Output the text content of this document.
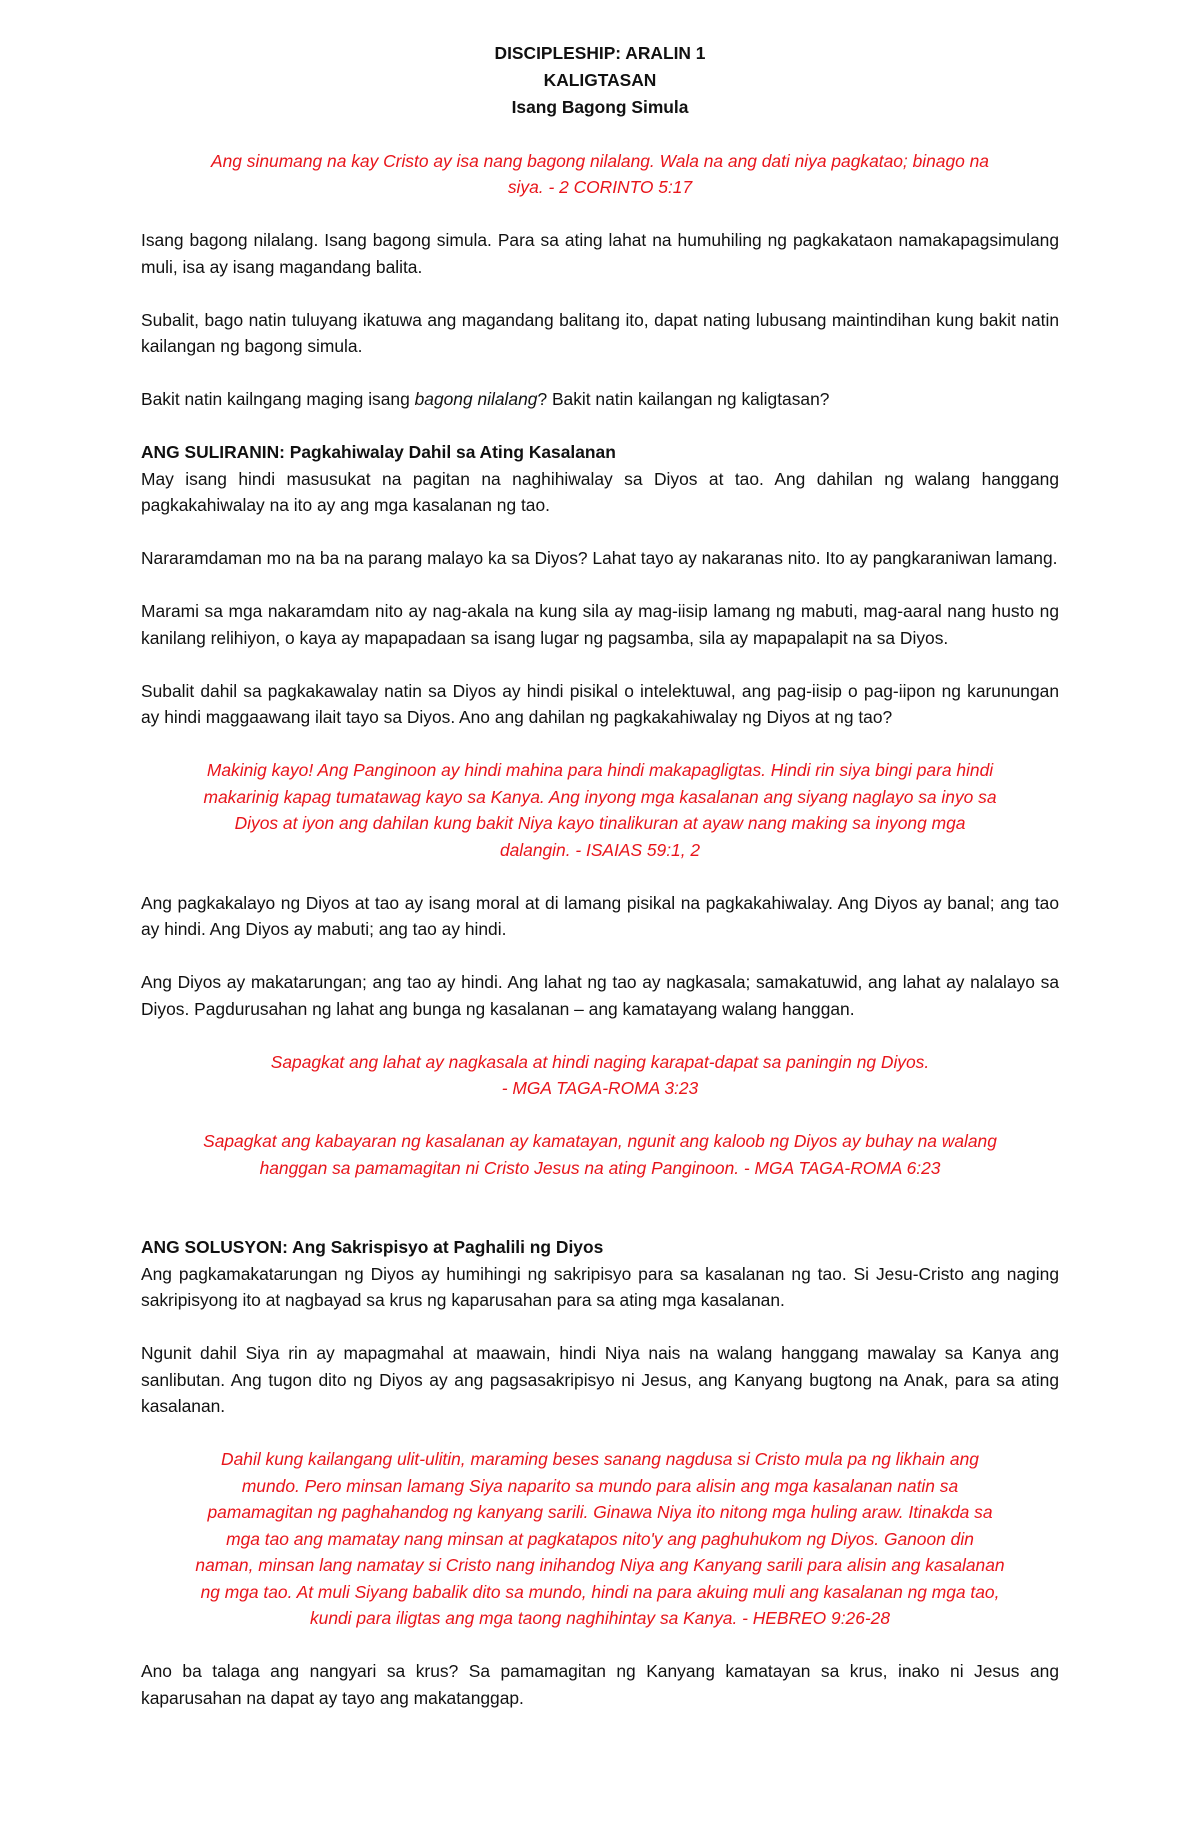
DISCIPLESHIP: ARALIN 1
KALIGTASAN
Isang Bagong Simula

Ang sinumang na kay Cristo ay isa nang bagong nilalang. Wala na ang dati niya pagkatao; binago na
siya. - 2 CORINTO 5:17

Isang bagong nilalang. Isang bagong simula. Para sa ating lahat na humuhiling ng pagkakataon namakapagsimulang muli, isa ay isang magandang balita.

Subalit, bago natin tuluyang ikatuwa ang magandang balitang ito, dapat nating lubusang maintindihan kung bakit natin kailangan ng bagong simula.

Bakit natin kailngang maging isang bagong nilalang? Bakit natin kailangan ng kaligtasan?

ANG SULIRANIN: Pagkahiwalay Dahil sa Ating Kasalanan

May isang hindi masusukat na pagitan na naghihiwalay sa Diyos at tao. Ang dahilan ng walang hanggang pagkakahiwalay na ito ay ang mga kasalanan ng tao.

Nararamdaman mo na ba na parang malayo ka sa Diyos? Lahat tayo ay nakaranas nito. Ito ay pangkaraniwan lamang.

Marami sa mga nakaramdam nito ay nag-akala na kung sila ay mag-iisip lamang ng mabuti, mag-aaral nang husto ng kanilang relihiyon, o kaya ay mapapadaan sa isang lugar ng pagsamba, sila ay mapapalapit na sa Diyos.

Subalit dahil sa pagkakawalay natin sa Diyos ay hindi pisikal o intelektuwal, ang pag-iisip o pag-iipon ng karunungan ay hindi maggaawang ilait tayo sa Diyos. Ano ang dahilan ng pagkakahiwalay ng Diyos at ng tao?

Makinig kayo! Ang Panginoon ay hindi mahina para hindi makapagligtas. Hindi rin siya bingi para hindi
makarinig kapag tumatawag kayo sa Kanya. Ang inyong mga kasalanan ang siyang naglayo sa inyo sa
Diyos at iyon ang dahilan kung bakit Niya kayo tinalikuran at ayaw nang making sa inyong mga
dalangin. - ISAIAS 59:1, 2

Ang pagkakalayo ng Diyos at tao ay isang moral at di lamang pisikal na pagkakahiwalay. Ang Diyos ay banal; ang tao ay hindi. Ang Diyos ay mabuti; ang tao ay hindi.

Ang Diyos ay makatarungan; ang tao ay hindi. Ang lahat ng tao ay nagkasala; samakatuwid, ang lahat ay nalalayo sa Diyos. Pagdurusahan ng lahat ang bunga ng kasalanan – ang kamatayang walang hanggan.

Sapagkat ang lahat ay nagkasala at hindi naging karapat-dapat sa paningin ng Diyos.
- MGA TAGA-ROMA 3:23

Sapagkat ang kabayaran ng kasalanan ay kamatayan, ngunit ang kaloob ng Diyos ay buhay na walang
hanggan sa pamamagitan ni Cristo Jesus na ating Panginoon. - MGA TAGA-ROMA 6:23

ANG SOLUSYON: Ang Sakrispisyo at Paghalili ng Diyos

Ang pagkamakatarungan ng Diyos ay humihingi ng sakripisyo para sa kasalanan ng tao. Si Jesu-Cristo ang naging sakripisyong ito at nagbayad sa krus ng kaparusahan para sa ating mga kasalanan.

Ngunit dahil Siya rin ay mapagmahal at maawain, hindi Niya nais na walang hanggang mawalay sa Kanya ang sanlibutan. Ang tugon dito ng Diyos ay ang pagsasakripisyo ni Jesus, ang Kanyang bugtong na Anak, para sa ating kasalanan.

Dahil kung kailangang ulit-ulitin, maraming beses sanang nagdusa si Cristo mula pa ng likhain ang
mundo. Pero minsan lamang Siya naparito sa mundo para alisin ang mga kasalanan natin sa
pamamagitan ng paghahandog ng kanyang sarili. Ginawa Niya ito nitong mga huling araw. Itinakda sa
mga tao ang mamatay nang minsan at pagkatapos nito'y ang paghuhukom ng Diyos. Ganoon din
naman, minsan lang namatay si Cristo nang inihandog Niya ang Kanyang sarili para alisin ang kasalanan
ng mga tao. At muli Siyang babalik dito sa mundo, hindi na para akuing muli ang kasalanan ng mga tao,
kundi para iligtas ang mga taong naghihintay sa Kanya. - HEBREO 9:26-28

Ano ba talaga ang nangyari sa krus? Sa pamamagitan ng Kanyang kamatayan sa krus, inako ni Jesus ang kaparusahan na dapat ay tayo ang makatanggap.
